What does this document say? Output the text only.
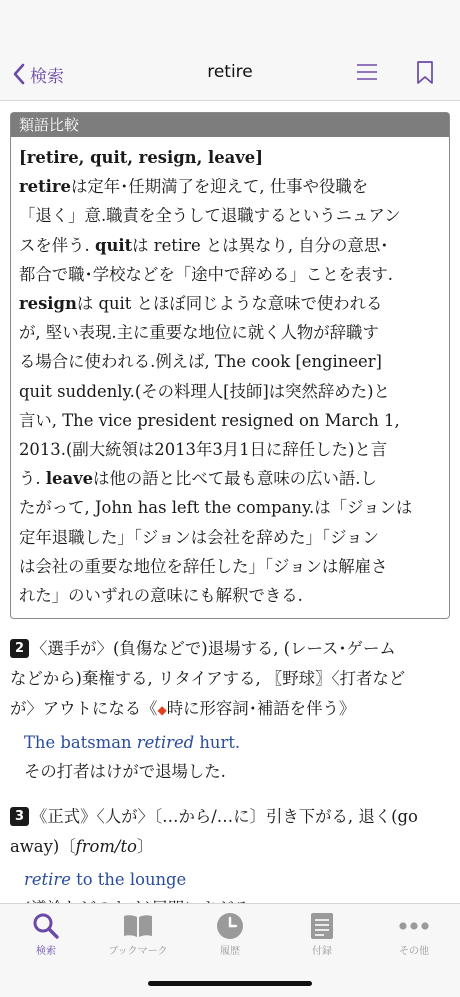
検索	retire
類語比較
[retire, quit, resign, leave]
retireは定年･任期満了を迎えて, 仕事や役職を
「退く」意.職責を全うして退職するというニュアン
スを伴う. quitは retire とは異なり, 自分の意思･
都合で職･学校などを「途中で辞める」ことを表す.
resignは quit とほぼ同じような意味で使われる
が, 堅い表現.主に重要な地位に就く人物が辞職す
る場合に使われる.例えば, The cook [engineer]
quit suddenly.(その料理人[技師]は突然辞めた)と
言い, The vice president resigned on March 1,
2013.(副大統領は2013年3月1日に辞任した)と言
う. leaveは他の語と比べて最も意味の広い語.し
たがって, John has left the company.は「ジョンは
定年退職した」「ジョンは会社を辞めた」「ジョン
は会社の重要な地位を辞任した」「ジョンは解雇さ
れた」のいずれの意味にも解釈できる.
2 〈選手が〉(負傷などで)退場する, (レース･ゲーム
などから)棄権する, リタイアする, 〖野球〗〈打者など
が〉アウトになる《◆時に形容詞･補語を伴う》
The batsman retired hurt.
その打者はけがで退場した.
3 《正式》〈人が〉〔…から/…に〕引き下がる, 退く(go
away)〔from/to〕
retire to the lounge
検索	ブックマーク	履歴	付録	その他
